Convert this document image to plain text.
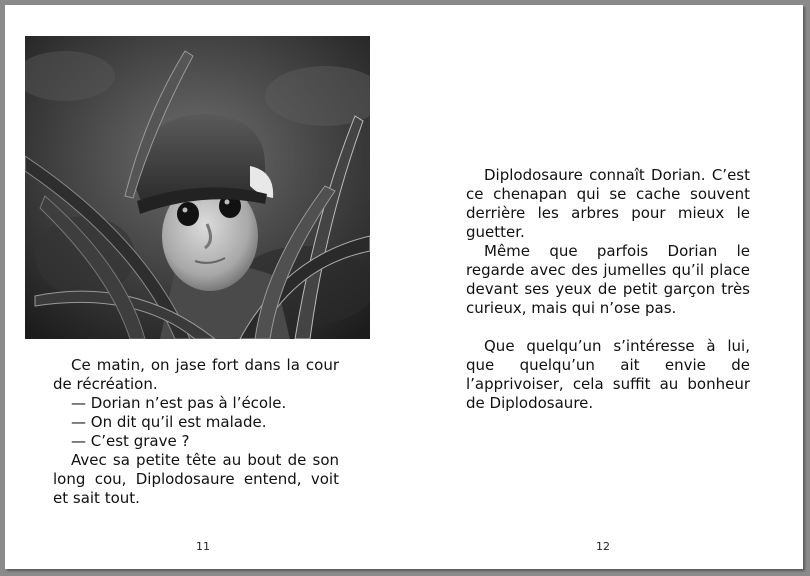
Ce matin, on jase fort dans la cour de récréation.

— Dorian n’est pas à l’école.

— On dit qu’il est malade.

— C’est grave ?

Avec sa petite tête au bout de son long cou, Diplodosaure entend, voit et sait tout.

Diplodosaure connaît Dorian. C’est ce chenapan qui se cache souvent derrière les arbres pour mieux le guetter.

Même que parfois Dorian le regarde avec des jumelles qu’il place devant ses yeux de petit garçon très curieux, mais qui n’ose pas.

Que quelqu’un s’intéresse à lui, que quelqu’un ait envie de l’apprivoiser, cela suffit au bonheur de Diplodosaure.

11	12
